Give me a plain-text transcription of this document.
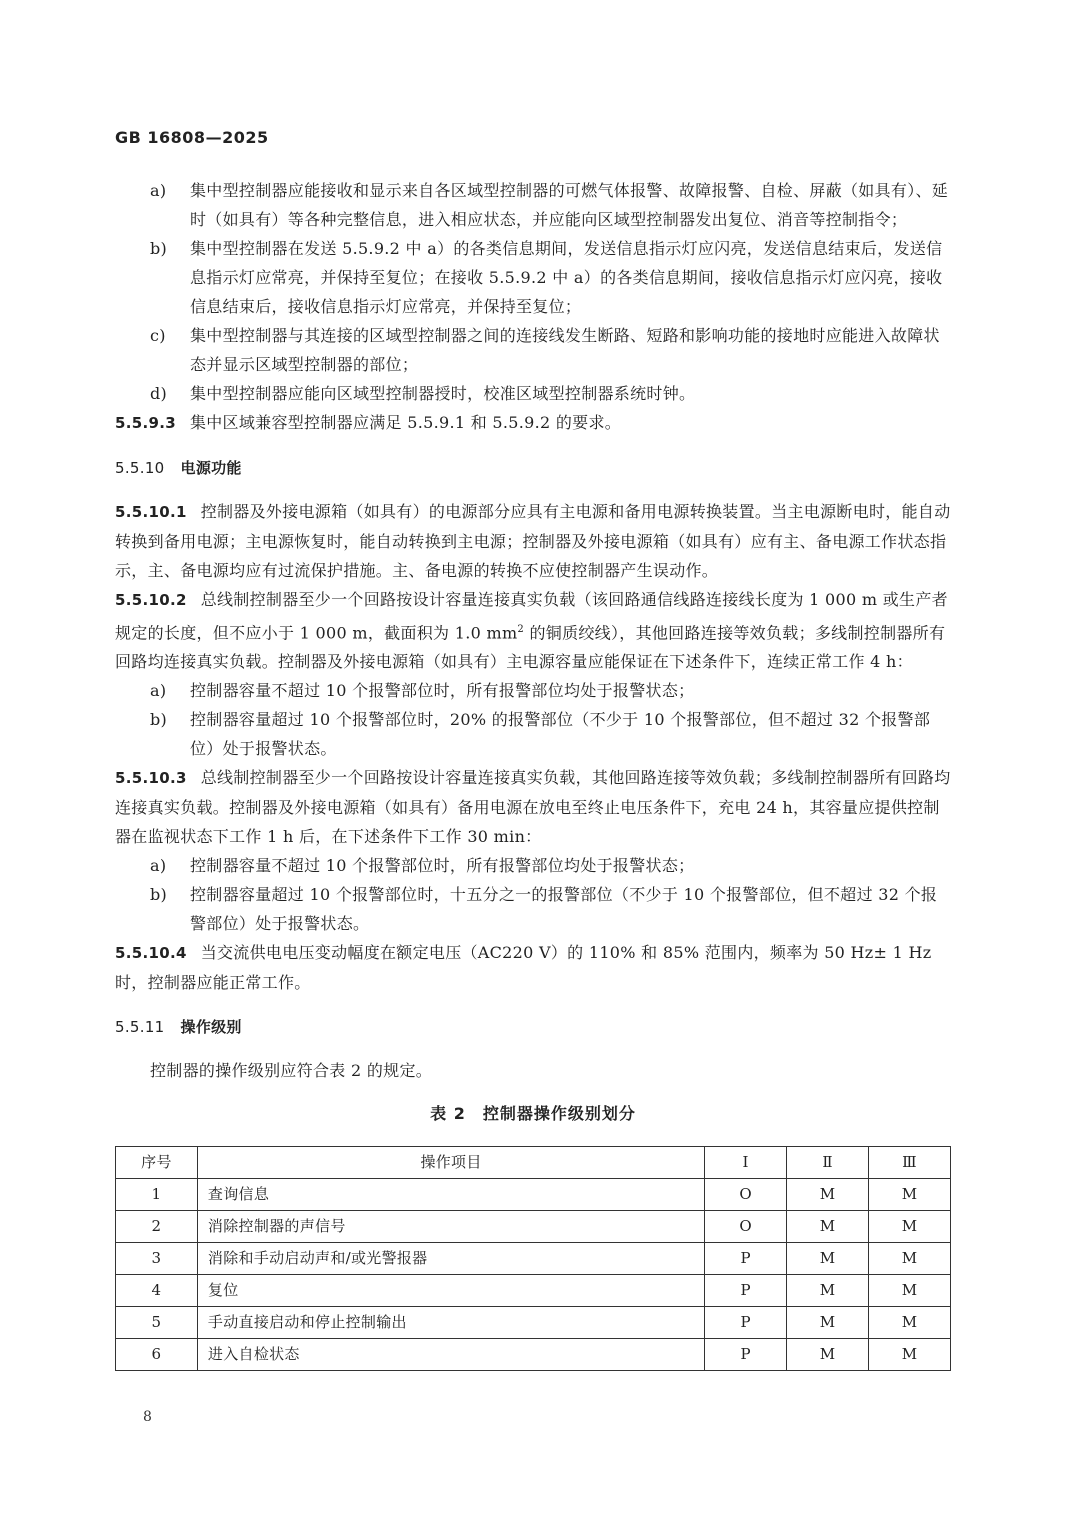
GB 16808—2025

a) 集中型控制器应能接收和显示来自各区域型控制器的可燃气体报警、故障报警、自检、屏蔽（如具有）、延时（如具有）等各种完整信息，进入相应状态，并应能向区域型控制器发出复位、消音等控制指令；

b) 集中型控制器在发送 5.5.9.2 中 a）的各类信息期间，发送信息指示灯应闪亮，发送信息结束后，发送信息指示灯应常亮，并保持至复位；在接收 5.5.9.2 中 a）的各类信息期间，接收信息指示灯应闪亮，接收信息结束后，接收信息指示灯应常亮，并保持至复位；

c) 集中型控制器与其连接的区域型控制器之间的连接线发生断路、短路和影响功能的接地时应能进入故障状态并显示区域型控制器的部位；

d) 集中型控制器应能向区域型控制器授时，校准区域型控制器系统时钟。

5.5.9.3 集中区域兼容型控制器应满足 5.5.9.1 和 5.5.9.2 的要求。

5.5.10 电源功能

5.5.10.1 控制器及外接电源箱（如具有）的电源部分应具有主电源和备用电源转换装置。当主电源断电时，能自动转换到备用电源；主电源恢复时，能自动转换到主电源；控制器及外接电源箱（如具有）应有主、备电源工作状态指示，主、备电源均应有过流保护措施。主、备电源的转换不应使控制器产生误动作。

5.5.10.2 总线制控制器至少一个回路按设计容量连接真实负载（该回路通信线路连接线长度为 1 000 m 或生产者规定的长度，但不应小于 1 000 m，截面积为 1.0 $mm^2$ 的铜质绞线），其他回路连接等效负载；多线制控制器所有回路均连接真实负载。控制器及外接电源箱（如具有）主电源容量应能保证在下述条件下，连续正常工作 4 h：

a) 控制器容量不超过 10 个报警部位时，所有报警部位均处于报警状态；

b) 控制器容量超过 10 个报警部位时，20% 的报警部位（不少于 10 个报警部位，但不超过 32 个报警部位）处于报警状态。

5.5.10.3 总线制控制器至少一个回路按设计容量连接真实负载，其他回路连接等效负载；多线制控制器所有回路均连接真实负载。控制器及外接电源箱（如具有）备用电源在放电至终止电压条件下，充电 24 h，其容量应提供控制器在监视状态下工作 1 h 后，在下述条件下工作 30 min：

a) 控制器容量不超过 10 个报警部位时，所有报警部位均处于报警状态；

b) 控制器容量超过 10 个报警部位时，十五分之一的报警部位（不少于 10 个报警部位，但不超过 32 个报警部位）处于报警状态。

5.5.10.4 当交流供电电压变动幅度在额定电压（AC220 V）的 110% 和 85% 范围内，频率为 50 Hz± 1 Hz 时，控制器应能正常工作。

5.5.11 操作级别

控制器的操作级别应符合表 2 的规定。

表 2　控制器操作级别划分
序号	操作项目	Ⅰ	Ⅱ	Ⅲ
1	查询信息	O	M	M
2	消除控制器的声信号	O	M	M
3	消除和手动启动声和/或光警报器	P	M	M
4	复位	P	M	M
5	手动直接启动和停止控制输出	P	M	M
6	进入自检状态	P	M	M
8
